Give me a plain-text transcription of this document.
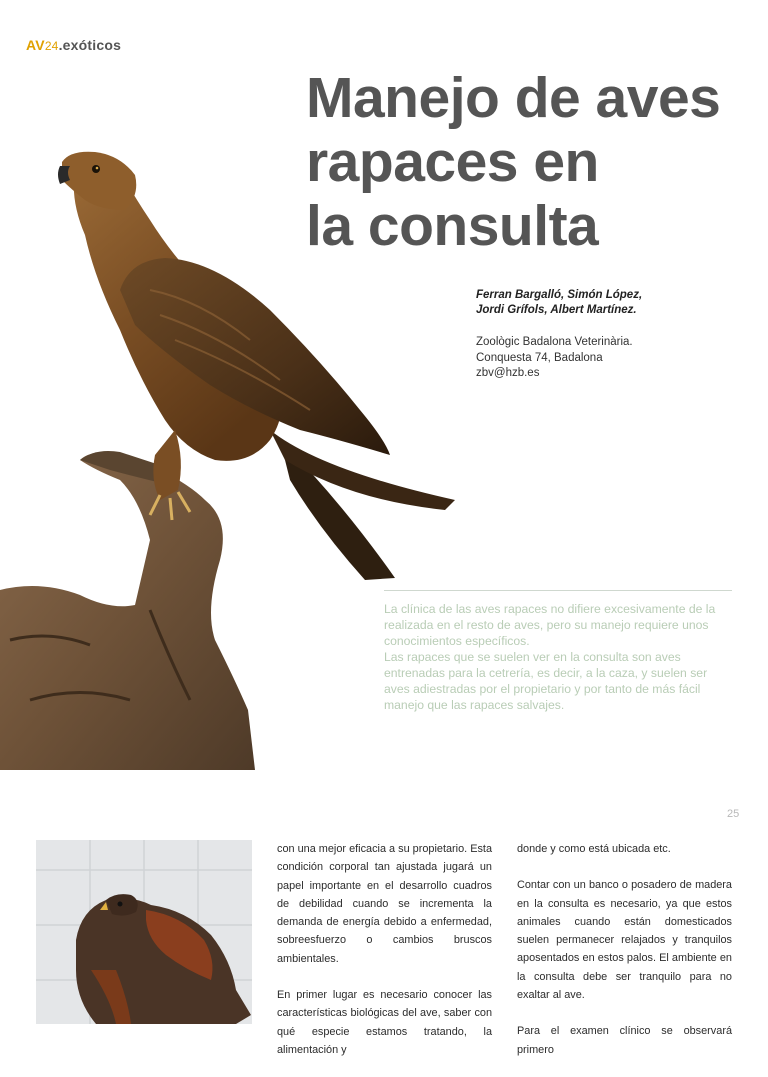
AV24.exóticos
Manejo de aves
rapaces en
la consulta
Ferran Bargalló, Simón López,
Jordi Grífols, Albert Martínez.
Zoològic Badalona Veterinària.
Conquesta 74, Badalona
zbv@hzb.es
La clínica de las aves rapaces no difiere excesivamente de la realizada en el resto de aves, pero su manejo requiere unos conocimientos específicos.
Las rapaces que se suelen ver en la consulta son aves entrenadas para la cetrería, es decir, a la caza, y suelen ser aves adiestradas por el propietario y por tanto de más fácil manejo que las rapaces salvajes.
25

con una mejor eficacia a su propietario. Esta condición corporal tan ajustada jugará un papel importante en el desarrollo cuadros de debilidad cuando se incrementa la demanda de energía debido a enfermedad, sobreesfuerzo o cambios bruscos ambientales.

En primer lugar es necesario conocer las características biológicas del ave, saber con qué especie estamos tratando, la alimentación y

donde y como está ubicada etc.

Contar con un banco o posadero de madera en la consulta es necesario, ya que estos animales cuando están domesticados suelen permanecer relajados y tranquilos aposentados en estos palos. El ambiente en la consulta debe ser tranquilo para no exaltar al ave.

Para el examen clínico se observará primero
